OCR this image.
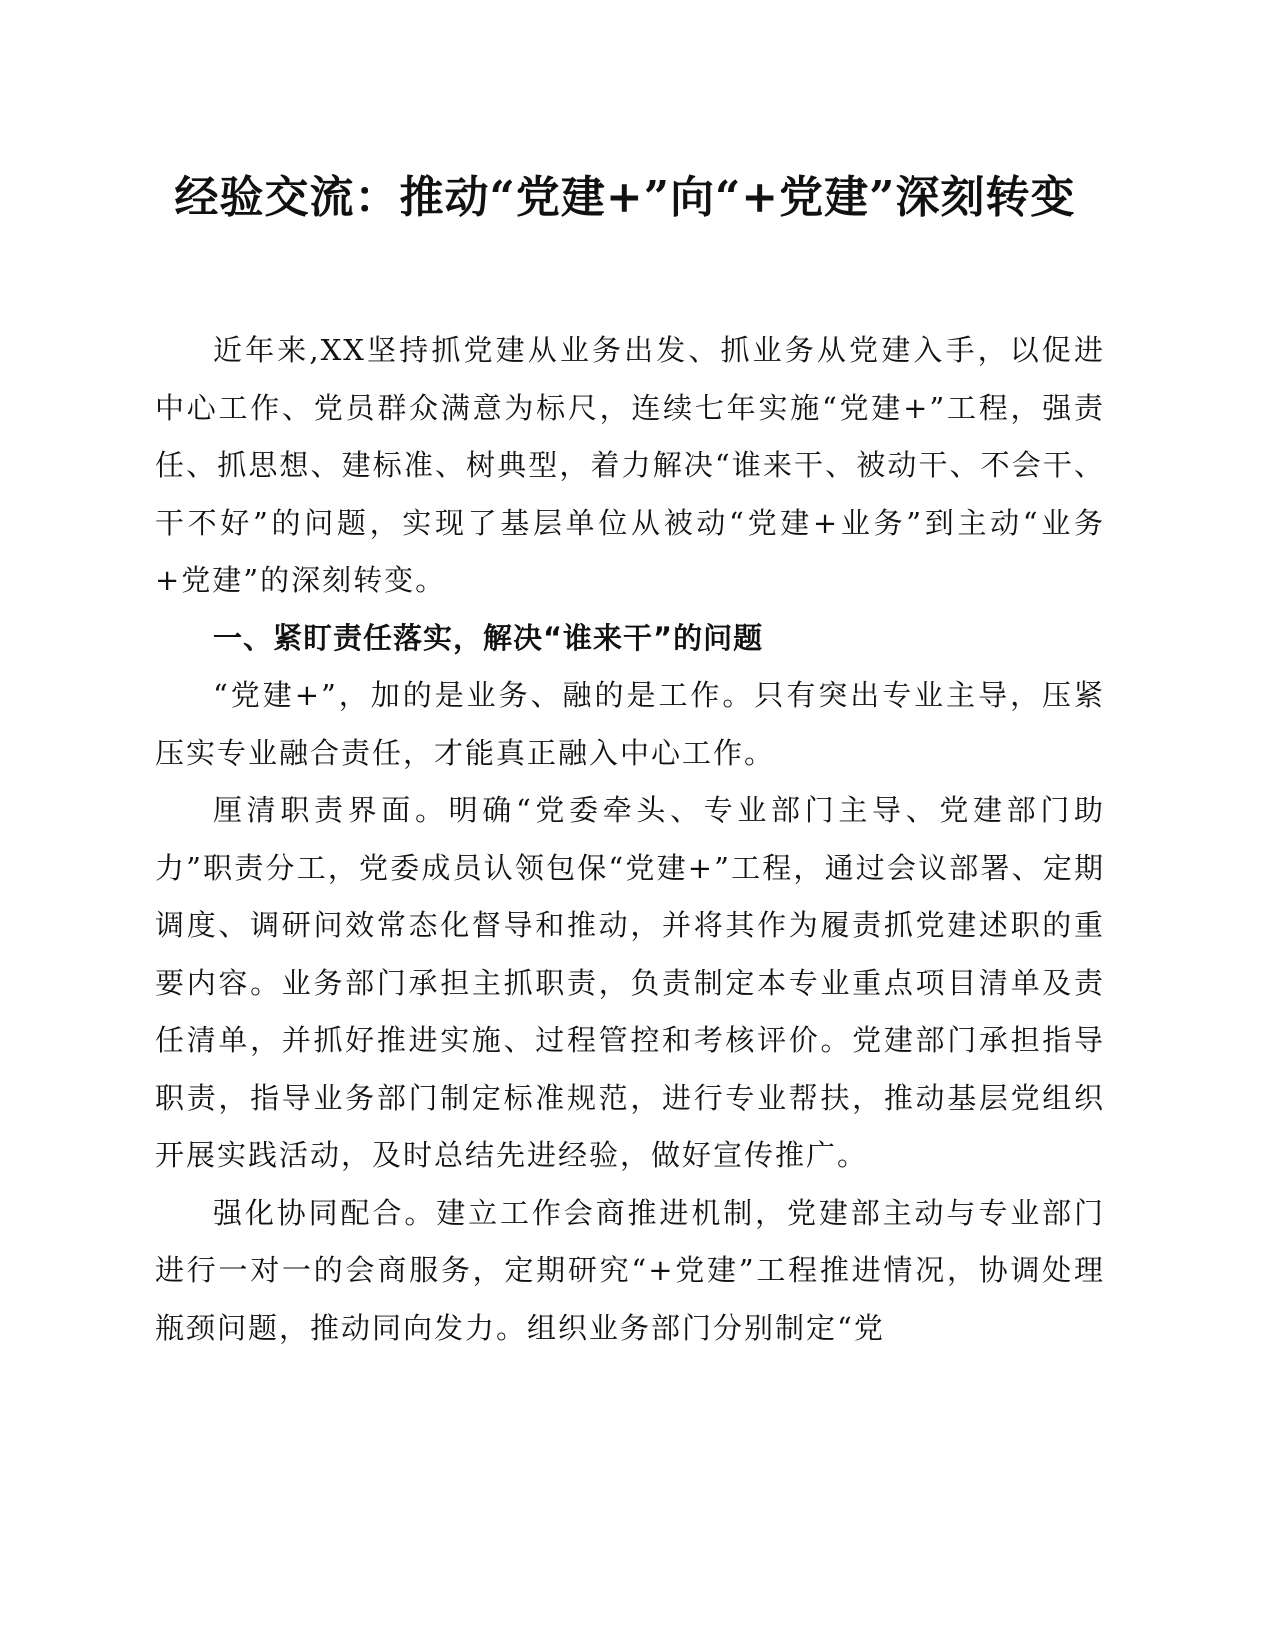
经验交流：推动“党建+”向“+党建”深刻转变

近年来,XX坚持抓党建从业务出发、抓业务从党建入手，以促进中心工作、党员群众满意为标尺，连续七年实施“党建+”工程，强责任、抓思想、建标准、树典型，着力解决“谁来干、被动干、不会干、干不好”的问题，实现了基层单位从被动“党建+业务”到主动“业务+党建”的深刻转变。

一、紧盯责任落实，解决“谁来干”的问题

“党建+”，加的是业务、融的是工作。只有突出专业主导，压紧压实专业融合责任，才能真正融入中心工作。

厘清职责界面。明确“党委牵头、专业部门主导、党建部门助力”职责分工，党委成员认领包保“党建+”工程，通过会议部署、定期调度、调研问效常态化督导和推动，并将其作为履责抓党建述职的重要内容。业务部门承担主抓职责，负责制定本专业重点项目清单及责任清单，并抓好推进实施、过程管控和考核评价。党建部门承担指导职责，指导业务部门制定标准规范，进行专业帮扶，推动基层党组织开展实践活动，及时总结先进经验，做好宣传推广。

强化协同配合。建立工作会商推进机制，党建部主动与专业部门进行一对一的会商服务，定期研究“+党建”工程推进情况，协调处理瓶颈问题，推动同向发力。组织业务部门分别制定“党
